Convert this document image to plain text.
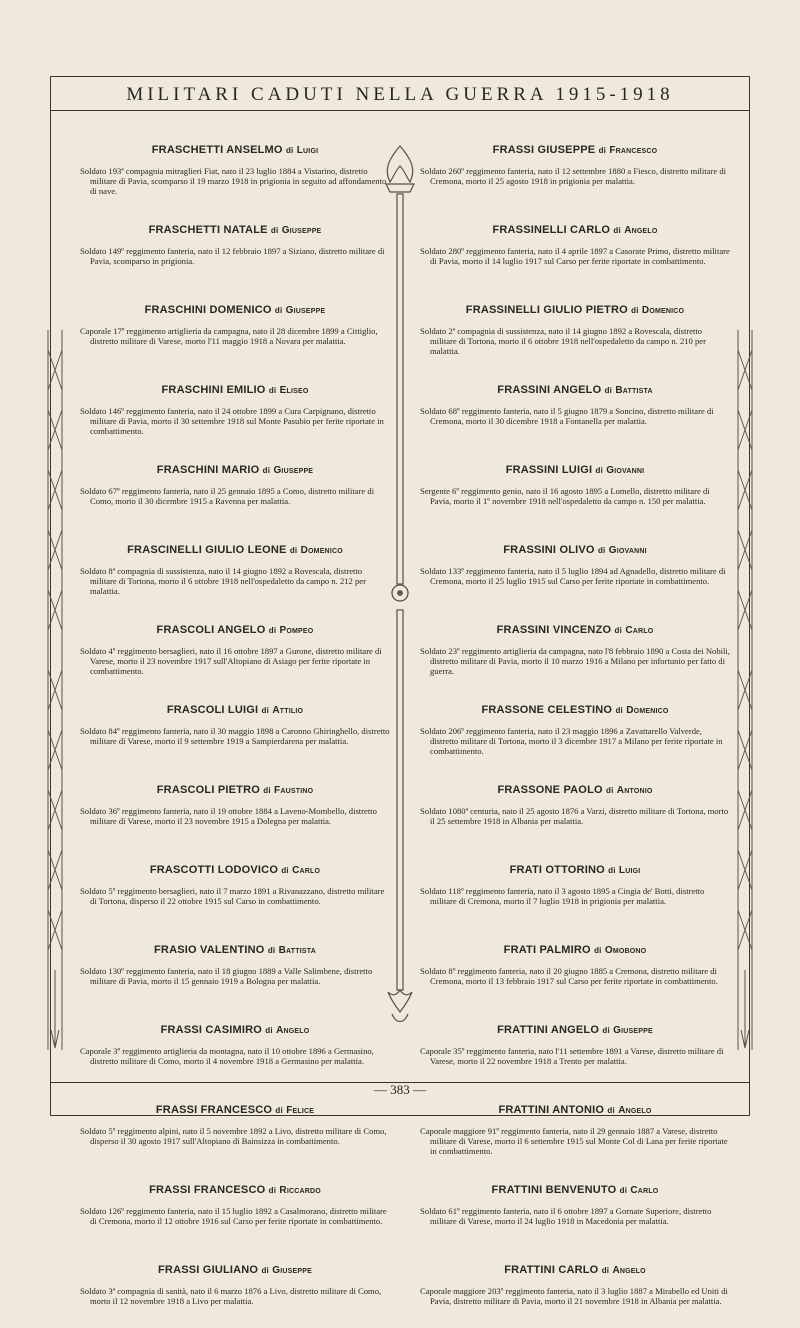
MILITARI CADUTI NELLA GUERRA 1915-1918
FRASCHETTI ANSELMO di Luigi
Soldato 193ª compagnia mitraglieri Fiat, nato il 23 luglio 1884 a Vistarino, distretto militare di Pavia, scomparso il 19 marzo 1918 in prigionia in seguito ad affondamento di nave.
FRASCHETTI NATALE di Giuseppe
Soldato 149º reggimento fanteria, nato il 12 febbraio 1897 a Siziano, distretto militare di Pavia, scomparso in prigionia.
FRASCHINI DOMENICO di Giuseppe
Caporale 17º reggimento artiglieria da campagna, nato il 28 dicembre 1899 a Cittiglio, distretto militare di Varese, morto l'11 maggio 1918 a Novara per malattia.
FRASCHINI EMILIO di Eliseo
Soldato 146º reggimento fanteria, nato il 24 ottobre 1899 a Cura Carpignano, distretto militare di Pavia, morto il 30 settembre 1918 sul Monte Pasubio per ferite riportate in combattimento.
FRASCHINI MARIO di Giuseppe
Soldato 67º reggimento fanteria, nato il 25 gennaio 1895 a Como, distretto militare di Como, morto il 30 dicembre 1915 a Ravenna per malattia.
FRASCINELLI GIULIO LEONE di Domenico
Soldato 8ª compagnia di sussistenza, nato il 14 giugno 1892 a Rovescala, distretto militare di Tortona, morto il 6 ottobre 1918 nell'ospedaletto da campo n. 212 per malattia.
FRASCOLI ANGELO di Pompeo
Soldato 4º reggimento bersaglieri, nato il 16 ottobre 1897 a Gurone, distretto militare di Varese, morto il 23 novembre 1917 sull'Altopiano di Asiago per ferite riportate in combattimento.
FRASCOLI LUIGI di Attilio
Soldato 84º reggimento fanteria, nato il 30 maggio 1898 a Caronno Ghiringhello, distretto militare di Varese, morto il 9 settembre 1919 a Sampierdarena per malattia.
FRASCOLI PIETRO di Faustino
Soldato 36º reggimento fanteria, nato il 19 ottobre 1884 a Laveno-Mombello, distretto militare di Varese, morto il 23 novembre 1915 a Dolegna per malattia.
FRASCOTTI LODOVICO di Carlo
Soldato 5º reggimento bersaglieri, nato il 7 marzo 1891 a Rivanazzano, distretto militare di Tortona, disperso il 22 ottobre 1915 sul Carso in combattimento.
FRASIO VALENTINO di Battista
Soldato 130º reggimento fanteria, nato il 18 giugno 1889 a Valle Salimbene, distretto militare di Pavia, morto il 15 gennaio 1919 a Bologna per malattia.
FRASSI CASIMIRO di Angelo
Caporale 3º reggimento artiglieria da montagna, nato il 10 ottobre 1896 a Germasino, distretto militare di Como, morto il 4 novembre 1918 a Germasino per malattia.
FRASSI FRANCESCO di Felice
Soldato 5º reggimento alpini, nato il 5 novembre 1892 a Livo, distretto militare di Como, disperso il 30 agosto 1917 sull'Altopiano di Bainsizza in combattimento.
FRASSI FRANCESCO di Riccardo
Soldato 126º reggimento fanteria, nato il 15 luglio 1892 a Casalmorano, distretto militare di Cremona, morto il 12 ottobre 1916 sul Carso per ferite riportate in combattimento.
FRASSI GIULIANO di Giuseppe
Soldato 3ª compagnia di sanità, nato il 6 marzo 1876 a Livo, distretto militare di Como, morto il 12 novembre 1918 a Livo per malattia.
FRASSI GIUSEPPE di Francesco
Soldato 260º reggimento fanteria, nato il 12 settembre 1880 a Fiesco, distretto militare di Cremona, morto il 25 agosto 1918 in prigionia per malattia.
FRASSINELLI CARLO di Angelo
Soldato 280º reggimento fanteria, nato il 4 aprile 1897 a Casorate Primo, distretto militare di Pavia, morto il 14 luglio 1917 sul Carso per ferite riportate in combattimento.
FRASSINELLI GIULIO PIETRO di Domenico
Soldato 2ª compagnia di sussistenza, nato il 14 giugno 1892 a Rovescala, distretto militare di Tortona, morto il 6 ottobre 1918 nell'ospedaletto da campo n. 210 per malattia.
FRASSINI ANGELO di Battista
Soldato 68º reggimento fanteria, nato il 5 giugno 1879 a Soncino, distretto militare di Cremona, morto il 30 dicembre 1918 a Fontanella per malattia.
FRASSINI LUIGI di Giovanni
Sergente 6º reggimento genio, nato il 16 agosto 1895 a Lomello, distretto militare di Pavia, morto il 1º novembre 1918 nell'ospedaletto da campo n. 150 per malattia.
FRASSINI OLIVO di Giovanni
Soldato 133º reggimento fanteria, nato il 5 luglio 1894 ad Agnadello, distretto militare di Cremona, morto il 25 luglio 1915 sul Carso per ferite riportate in combattimento.
FRASSINI VINCENZO di Carlo
Soldato 23º reggimento artiglieria da campagna, nato l'8 febbraio 1890 a Costa dei Nobili, distretto militare di Pavia, morto il 10 marzo 1916 a Milano per infortunio per fatto di guerra.
FRASSONE CELESTINO di Domenico
Soldato 206º reggimento fanteria, nato il 23 maggio 1896 a Zavattarello Valverde, distretto militare di Tortona, morto il 3 dicembre 1917 a Milano per ferite riportate in combattimento.
FRASSONE PAOLO di Antonio
Soldato 1080ª centuria, nato il 25 agosto 1876 a Varzi, distretto militare di Tortona, morto il 25 settembre 1918 in Albania per malattia.
FRATI OTTORINO di Luigi
Soldato 118º reggimento fanteria, nato il 3 agosto 1895 a Cingia de' Botti, distretto militare di Cremona, morto il 7 luglio 1918 in prigionia per malattia.
FRATI PALMIRO di Omobono
Soldato 8º reggimento fanteria, nato il 20 giugno 1885 a Cremona, distretto militare di Cremona, morto il 13 febbraio 1917 sul Carso per ferite riportate in combattimento.
FRATTINI ANGELO di Giuseppe
Caporale 35º reggimento fanteria, nato l'11 settembre 1891 a Varese, distretto militare di Varese, morto il 22 novembre 1918 a Trento per malattia.
FRATTINI ANTONIO di Angelo
Caporale maggiore 91º reggimento fanteria, nato il 29 gennaio 1887 a Varese, distretto militare di Varese, morto il 6 settembre 1915 sul Monte Col di Lana per ferite riportate in combattimento.
FRATTINI BENVENUTO di Carlo
Soldato 61º reggimento fanteria, nato il 6 ottobre 1897 a Gornate Superiore, distretto militare di Varese, morto il 24 luglio 1918 in Macedonia per malattia.
FRATTINI CARLO di Angelo
Caporale maggiore 203º reggimento fanteria, nato il 3 luglio 1887 a Mirabello ed Uniti di Pavia, distretto militare di Pavia, morto il 21 novembre 1918 in Albania per malattia.
— 383 —
